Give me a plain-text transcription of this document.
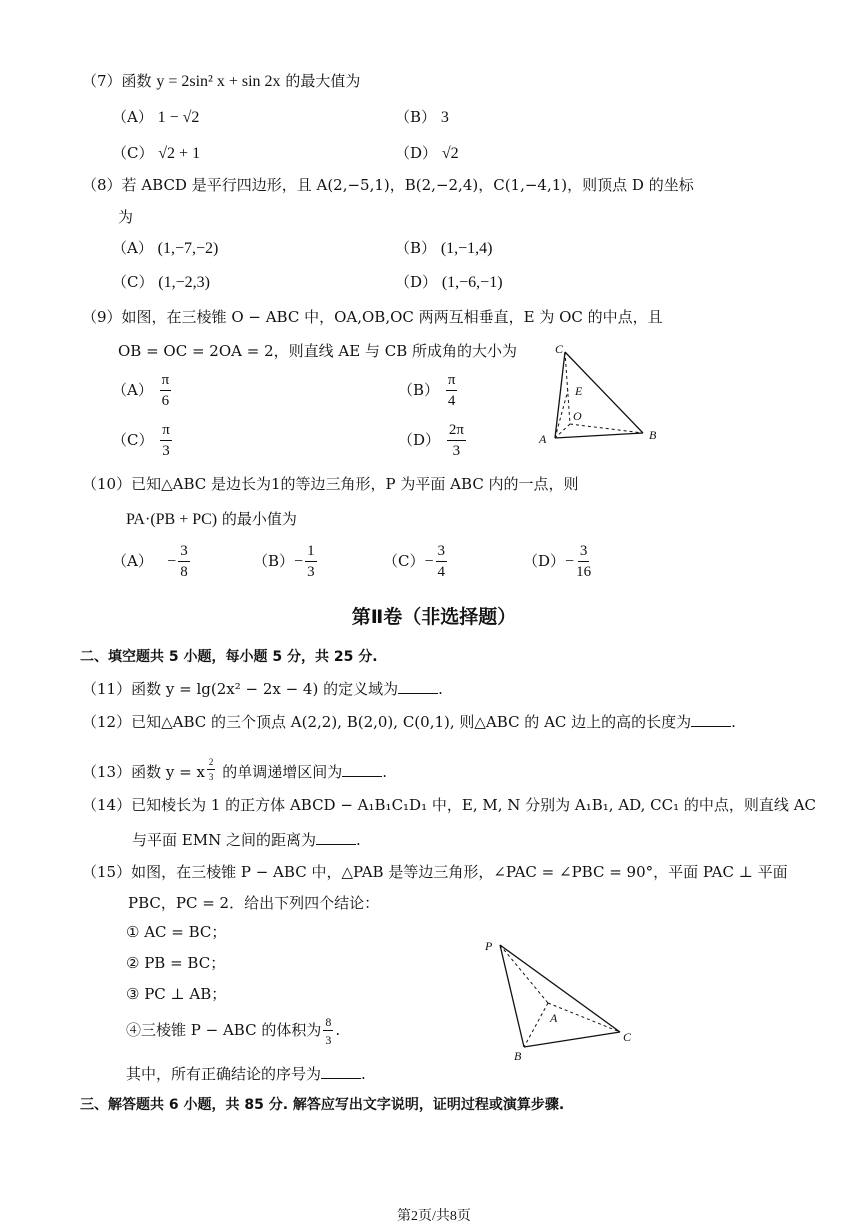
（7）函数 y = 2sin² x + sin 2x 的最大值为
（A） 1 − √2	（B） 3
（C） √2 + 1	（D） √2
（8）若 ABCD 是平行四边形，且 A(2,−5,1)，B(2,−2,4)，C(1,−4,1)，则顶点 D 的坐标
为
（A） (1,−7,−2)	（B） (1,−1,4)
（C） (1,−2,3)	（D） (1,−6,−1)
（9）如图，在三棱锥 O − ABC 中，OA,OB,OC 两两互相垂直，E 为 OC 的中点，且
OB = OC = 2OA = 2，则直线 AE 与 CB 所成角的大小为
$(A) \frac{\pi}{6}$	$(B) \frac{\pi}{4}$
$(C) \frac{\pi}{3}$	$(D) \frac{2\pi}{3}$
C
E
O
A	B
（10）已知△ABC 是边长为1的等边三角形，P 为平面 ABC 内的一点，则
PA·(PB + PC) 的最小值为
$(A) - \frac{3}{8}$	$(B)- \frac{1}{3}$	$(C)- \frac{3}{4}$	$(D)- \frac{3}{16}$
第Ⅱ卷（非选择题）
二、填空题共 5 小题，每小题 5 分，共 25 分.
（11）函数 y = lg(2x² − 2x − 4) 的定义域为	.
（12）已知△ABC 的三个顶点 A(2,2), B(2,0), C(0,1), 则△ABC 的 AC 边上的高的长度为	.
（13）函数 y = x $\frac{2}{3}$ 的单调递增区间为	.
（14）已知棱长为 1 的正方体 ABCD − A₁B₁C₁D₁ 中，E, M, N 分别为 A₁B₁, AD, CC₁ 的中点，则直线 AC
与平面 EMN 之间的距离为	.
（15）如图，在三棱锥 P − ABC 中，△PAB 是等边三角形，∠PAC = ∠PBC = 90°，平面 PAC ⊥ 平面
PBC，PC = 2．给出下列四个结论：
① AC = BC；
② PB = BC；
③ PC ⊥ AB；
④三棱锥 P − ABC 的体积为 $\frac{8}{3}$ .
其中，所有正确结论的序号为	.
P
A
B
C
三、解答题共 6 小题，共 85 分. 解答应写出文字说明，证明过程或演算步骤.
第2页/共8页
